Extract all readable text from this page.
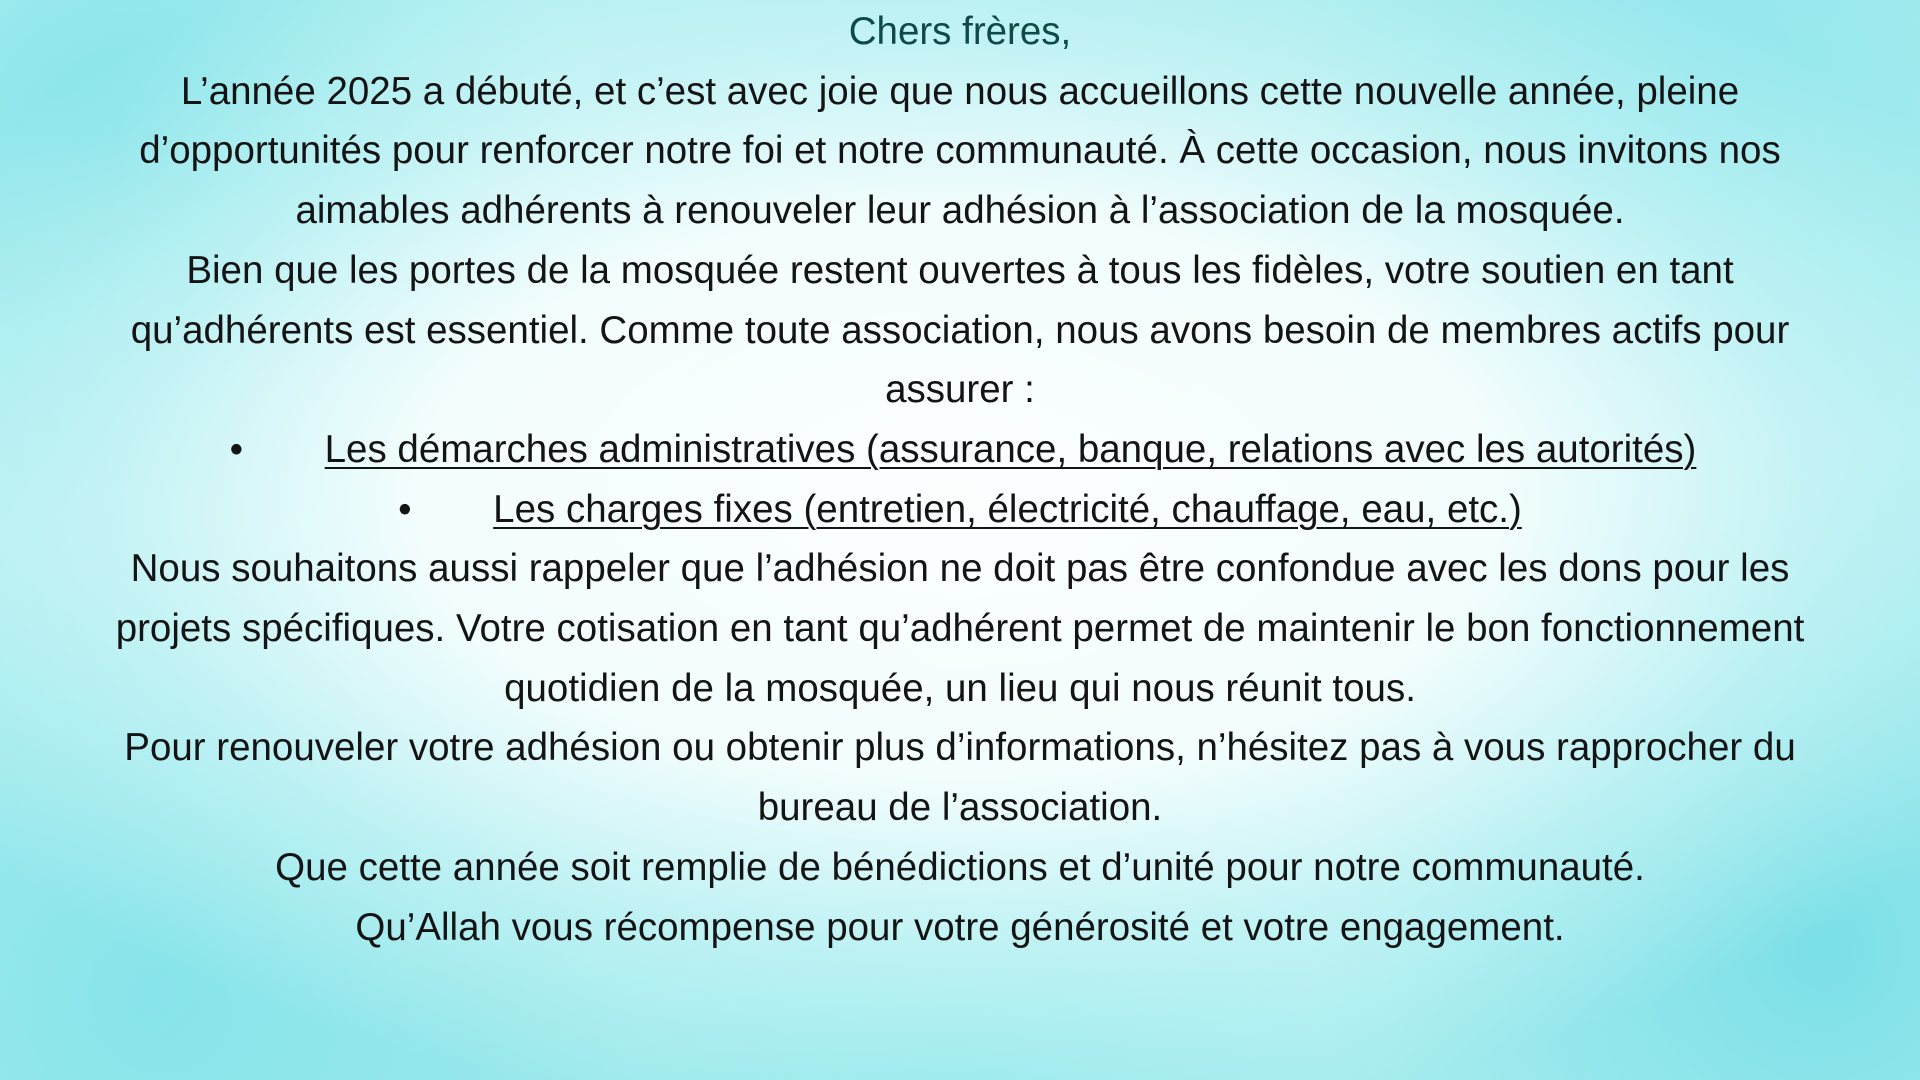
Chers frères,
L’année 2025 a débuté, et c’est avec joie que nous accueillons cette nouvelle année, pleine
d’opportunités pour renforcer notre foi et notre communauté. À cette occasion, nous invitons nos
aimables adhérents à renouveler leur adhésion à l’association de la mosquée.
Bien que les portes de la mosquée restent ouvertes à tous les fidèles, votre soutien en tant
qu’adhérents est essentiel. Comme toute association, nous avons besoin de membres actifs pour
assurer :
• Les démarches administratives (assurance, banque, relations avec les autorités)
• Les charges fixes (entretien, électricité, chauffage, eau, etc.)
Nous souhaitons aussi rappeler que l’adhésion ne doit pas être confondue avec les dons pour les
projets spécifiques. Votre cotisation en tant qu’adhérent permet de maintenir le bon fonctionnement
quotidien de la mosquée, un lieu qui nous réunit tous.
Pour renouveler votre adhésion ou obtenir plus d’informations, n’hésitez pas à vous rapprocher du
bureau de l’association.
Que cette année soit remplie de bénédictions et d’unité pour notre communauté.
Qu’Allah vous récompense pour votre générosité et votre engagement.
